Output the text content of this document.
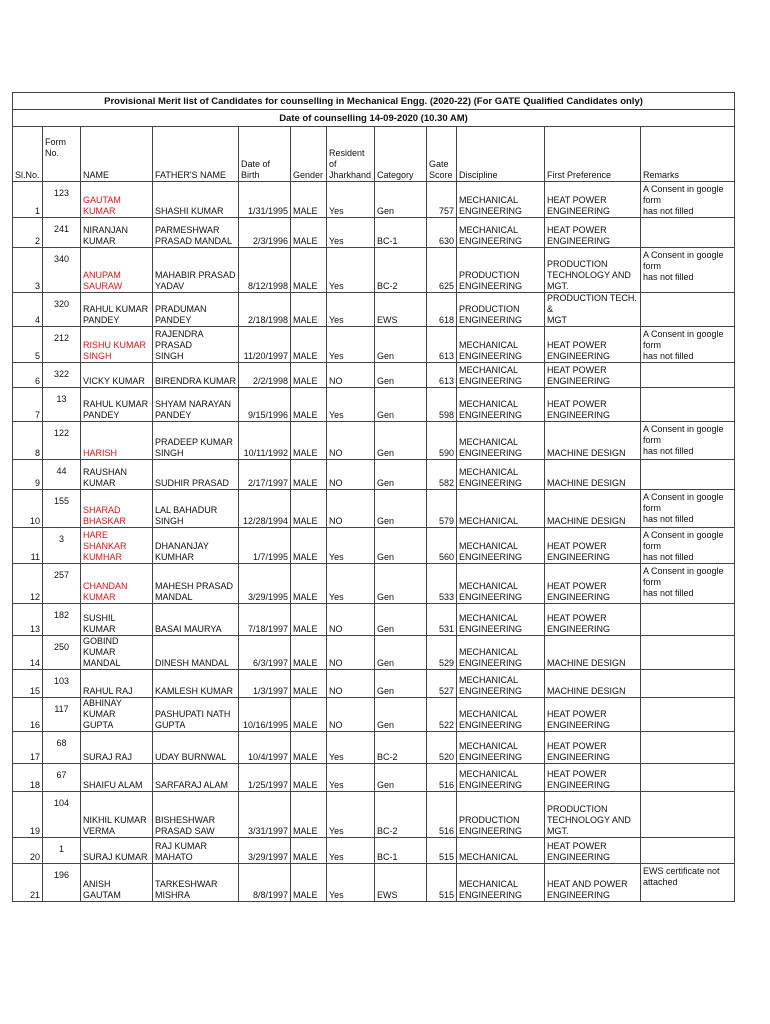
Provisional Merit list of Candidates for counselling in Mechanical Engg. (2020-22) (For GATE Qualified Candidates only)											
Date of counselling 14-09-2020 (10.30 AM)											
Sl.No.	Form No.	NAME	FATHER'S NAME	Date of Birth	Gender	Resident of
Jharkhand	Category	Gate
Score	Discipline	First Preference	Remarks
1	123	GAUTAM KUMAR	SHASHI KUMAR	1/31/1995	MALE	Yes	Gen	757	MECHANICAL
ENGINEERING	HEAT POWER
ENGINEERING	A Consent in google form
has not filled
2	241	NIRANJAN KUMAR	PARMESHWAR
PRASAD MANDAL	2/3/1996	MALE	Yes	BC-1	630	MECHANICAL
ENGINEERING	HEAT POWER
ENGINEERING	
3	340	ANUPAM SAURAW	MAHABIR PRASAD
YADAV	8/12/1998	MALE	Yes	BC-2	625	PRODUCTION
ENGINEERING	PRODUCTION
TECHNOLOGY AND MGT.	A Consent in google form
has not filled
4	320	RAHUL KUMAR
PANDEY	PRADUMAN PANDEY	2/18/1998	MALE	Yes	EWS	618	PRODUCTION
ENGINEERING	PRODUCTION TECH. &
MGT	
5	212	RISHU KUMAR
SINGH	RAJENDRA PRASAD
SINGH	11/20/1997	MALE	Yes	Gen	613	MECHANICAL
ENGINEERING	HEAT POWER
ENGINEERING	A Consent in google form
has not filled
6	322	VICKY KUMAR	BIRENDRA KUMAR	2/2/1998	MALE	NO	Gen	613	MECHANICAL
ENGINEERING	HEAT POWER
ENGINEERING	
7	13	RAHUL KUMAR
PANDEY	SHYAM NARAYAN
PANDEY	9/15/1996	MALE	Yes	Gen	598	MECHANICAL
ENGINEERING	HEAT POWER
ENGINEERING	
8	122	HARISH	PRADEEP KUMAR
SINGH	10/11/1992	MALE	NO	Gen	590	MECHANICAL
ENGINEERING	MACHINE DESIGN	A Consent in google form
has not filled
9	44	RAUSHAN KUMAR	SUDHIR PRASAD	2/17/1997	MALE	NO	Gen	582	MECHANICAL
ENGINEERING	MACHINE DESIGN	
10	155	SHARAD BHASKAR	LAL BAHADUR SINGH	12/28/1994	MALE	NO	Gen	579	MECHANICAL	MACHINE DESIGN	A Consent in google form
has not filled
11	3	HARE SHANKAR
KUMHAR	DHANANJAY KUMHAR	1/7/1995	MALE	Yes	Gen	560	MECHANICAL
ENGINEERING	HEAT POWER
ENGINEERING	A Consent in google form
has not filled
12	257	CHANDAN KUMAR	MAHESH PRASAD
MANDAL	3/29/1995	MALE	Yes	Gen	533	MECHANICAL
ENGINEERING	HEAT POWER
ENGINEERING	A Consent in google form
has not filled
13	182	SUSHIL KUMAR	BASAI MAURYA	7/18/1997	MALE	NO	Gen	531	MECHANICAL
ENGINEERING	HEAT POWER
ENGINEERING	
14	250	GOBIND KUMAR
MANDAL	DINESH MANDAL	6/3/1997	MALE	NO	Gen	529	MECHANICAL
ENGINEERING	MACHINE DESIGN	
15	103	RAHUL RAJ	KAMLESH KUMAR	1/3/1997	MALE	NO	Gen	527	MECHANICAL
ENGINEERING	MACHINE DESIGN	
16	117	ABHINAY KUMAR
GUPTA	PASHUPATI NATH
GUPTA	10/16/1995	MALE	NO	Gen	522	MECHANICAL
ENGINEERING	HEAT POWER
ENGINEERING	
17	68	SURAJ RAJ	UDAY BURNWAL	10/4/1997	MALE	Yes	BC-2	520	MECHANICAL
ENGINEERING	HEAT POWER
ENGINEERING	
18	67	SHAIFU ALAM	SARFARAJ ALAM	1/25/1997	MALE	Yes	Gen	516	MECHANICAL
ENGINEERING	HEAT POWER
ENGINEERING	
19	104	NIKHIL KUMAR
VERMA	BISHESHWAR
PRASAD SAW	3/31/1997	MALE	Yes	BC-2	516	PRODUCTION
ENGINEERING	PRODUCTION
TECHNOLOGY AND MGT.	
20	1	SURAJ KUMAR	RAJ KUMAR MAHATO	3/29/1997	MALE	Yes	BC-1	515	MECHANICAL	HEAT POWER
ENGINEERING	
21	196	ANISH GAUTAM	TARKESHWAR
MISHRA	8/8/1997	MALE	Yes	EWS	515	MECHANICAL
ENGINEERING	HEAT AND POWER
ENGINEERING	EWS certificate not
attached
